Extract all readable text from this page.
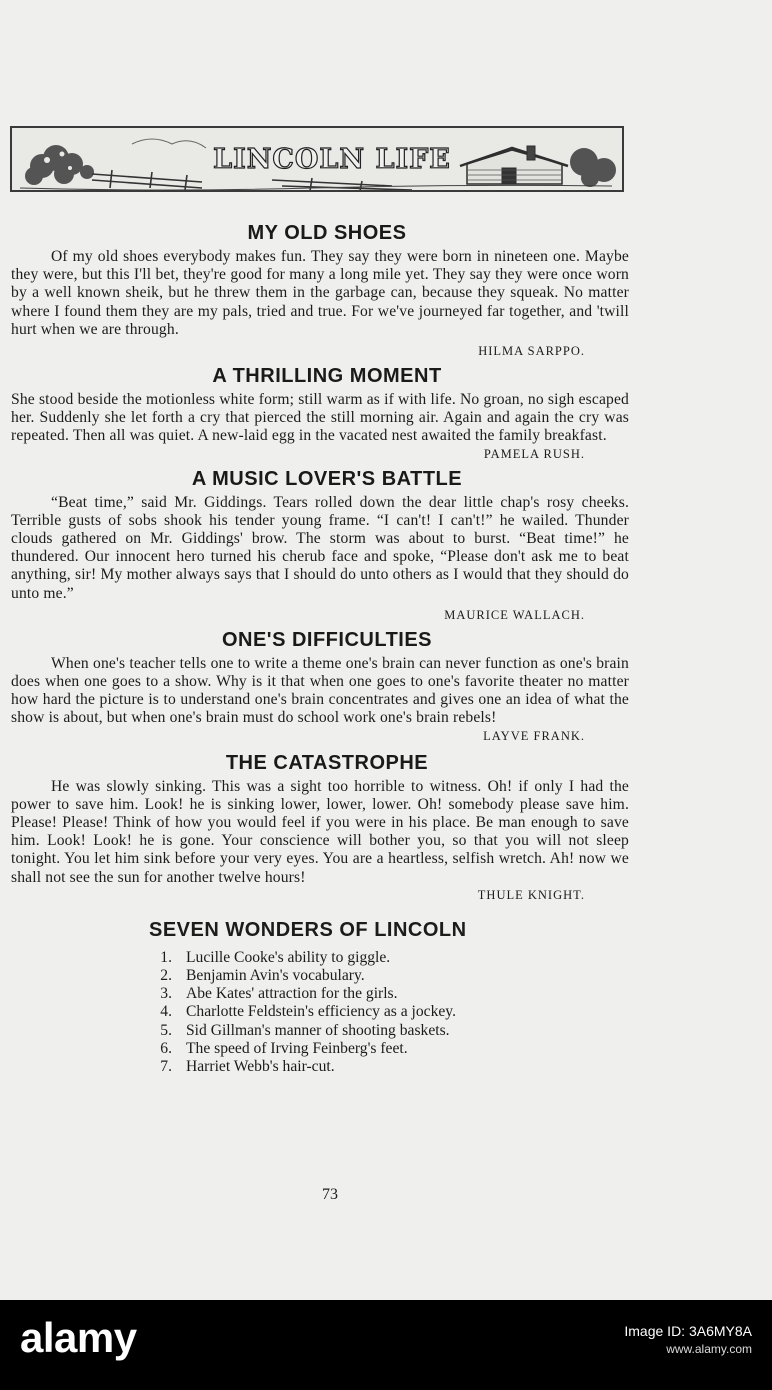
LINCOLN LIFE
MY OLD SHOES

Of my old shoes everybody makes fun. They say they were born in nineteen one. Maybe they were, but this I'll bet, they're good for many a long mile yet. They say they were once worn by a well known sheik, but he threw them in the garbage can, because they squeak. No matter where I found them they are my pals, tried and true. For we've journeyed far together, and 'twill hurt when we are through.

HILMA SARPPO.

A THRILLING MOMENT

She stood beside the motionless white form; still warm as if with life. No groan, no sigh escaped her. Suddenly she let forth a cry that pierced the still morning air. Again and again the cry was repeated. Then all was quiet. A new-laid egg in the vacated nest awaited the family breakfast.

PAMELA RUSH.

A MUSIC LOVER'S BATTLE

“Beat time,” said Mr. Giddings. Tears rolled down the dear little chap's rosy cheeks. Terrible gusts of sobs shook his tender young frame. “I can't! I can't!” he wailed. Thunder clouds gathered on Mr. Giddings' brow. The storm was about to burst. “Beat time!” he thundered. Our innocent hero turned his cherub face and spoke, “Please don't ask me to beat anything, sir! My mother always says that I should do unto others as I would that they should do unto me.”

MAURICE WALLACH.

ONE'S DIFFICULTIES

When one's teacher tells one to write a theme one's brain can never function as one's brain does when one goes to a show. Why is it that when one goes to one's favorite theater no matter how hard the picture is to understand one's brain concentrates and gives one an idea of what the show is about, but when one's brain must do school work one's brain rebels!

LAYVE FRANK.

THE CATASTROPHE

He was slowly sinking. This was a sight too horrible to witness. Oh! if only I had the power to save him. Look! he is sinking lower, lower, lower. Oh! somebody please save him. Please! Please! Think of how you would feel if you were in his place. Be man enough to save him. Look! Look! he is gone. Your conscience will bother you, so that you will not sleep tonight. You let him sink before your very eyes. You are a heartless, selfish wretch. Ah! now we shall not see the sun for another twelve hours!

THULE KNIGHT.

SEVEN WONDERS OF LINCOLN
1. Lucille Cooke's ability to giggle.
2. Benjamin Avin's vocabulary.
3. Abe Kates' attraction for the girls.
4. Charlotte Feldstein's efficiency as a jockey.
5. Sid Gillman's manner of shooting baskets.
6. The speed of Irving Feinberg's feet.
7. Harriet Webb's hair-cut.
73
alamy	Image ID: 3A6MY8A
www.alamy.com
